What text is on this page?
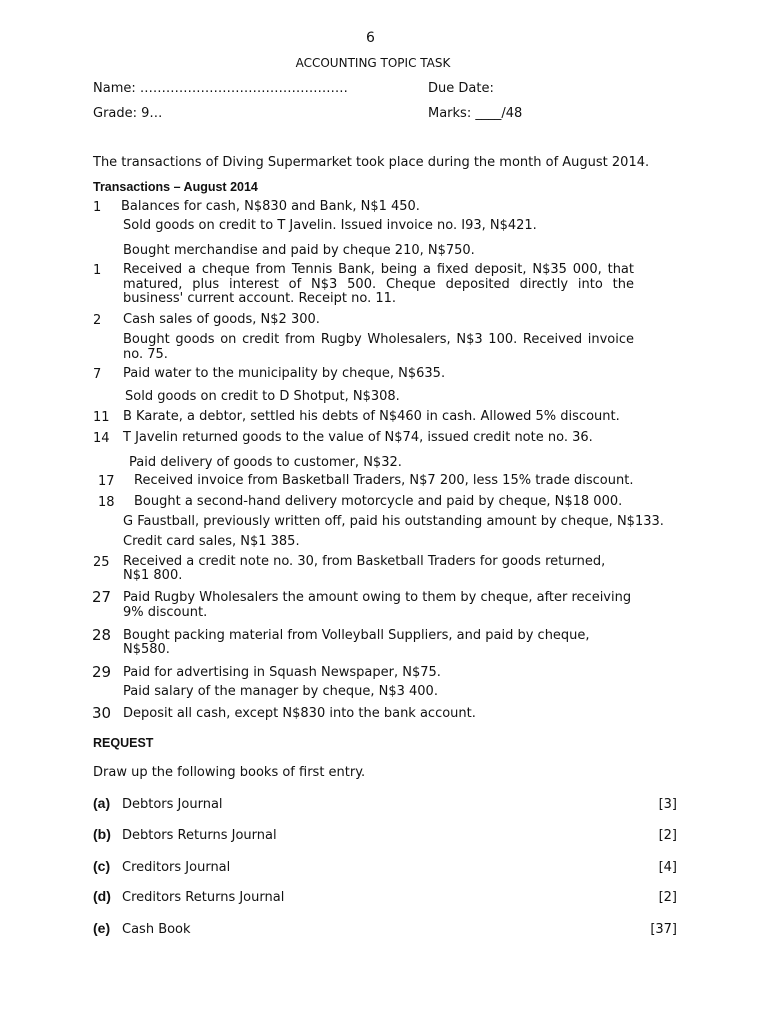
6
ACCOUNTING TOPIC TASK
Name: …………………………………………	Due Date:
Grade: 9…	Marks: ____/48
The transactions of Diving Supermarket took place during the month of August 2014.
Transactions – August 2014
1 Balances for cash, N$830 and Bank, N$1 450.
Sold goods on credit to T Javelin. Issued invoice no. I93, N$421.
Bought merchandise and paid by cheque 210, N$750.
1 Received a cheque from Tennis Bank, being a fixed deposit, N$35 000, that matured, plus interest of N$3 500. Cheque deposited directly into the business' current account. Receipt no. 11.
2 Cash sales of goods, N$2 300.
Bought goods on credit from Rugby Wholesalers, N$3 100. Received invoice no. 75.
7 Paid water to the municipality by cheque, N$635.
Sold goods on credit to D Shotput, N$308.
11 B Karate, a debtor, settled his debts of N$460 in cash. Allowed 5% discount.
14 T Javelin returned goods to the value of N$74, issued credit note no. 36.
Paid delivery of goods to customer, N$32.
17 Received invoice from Basketball Traders, N$7 200, less 15% trade discount.
18 Bought a second-hand delivery motorcycle and paid by cheque, N$18 000.
G Faustball, previously written off, paid his outstanding amount by cheque, N$133.
Credit card sales, N$1 385.
25 Received a credit note no. 30, from Basketball Traders for goods returned,
N$1 800.
27 Paid Rugby Wholesalers the amount owing to them by cheque, after receiving
9% discount.
28 Bought packing material from Volleyball Suppliers, and paid by cheque,
N$580.
29 Paid for advertising in Squash Newspaper, N$75.
Paid salary of the manager by cheque, N$3 400.
30 Deposit all cash, except N$830 into the bank account.
REQUEST
Draw up the following books of first entry.
(a) Debtors Journal	[3]
(b) Debtors Returns Journal	[2]
(c) Creditors Journal	[4]
(d) Creditors Returns Journal	[2]
(e) Cash Book	[37]
